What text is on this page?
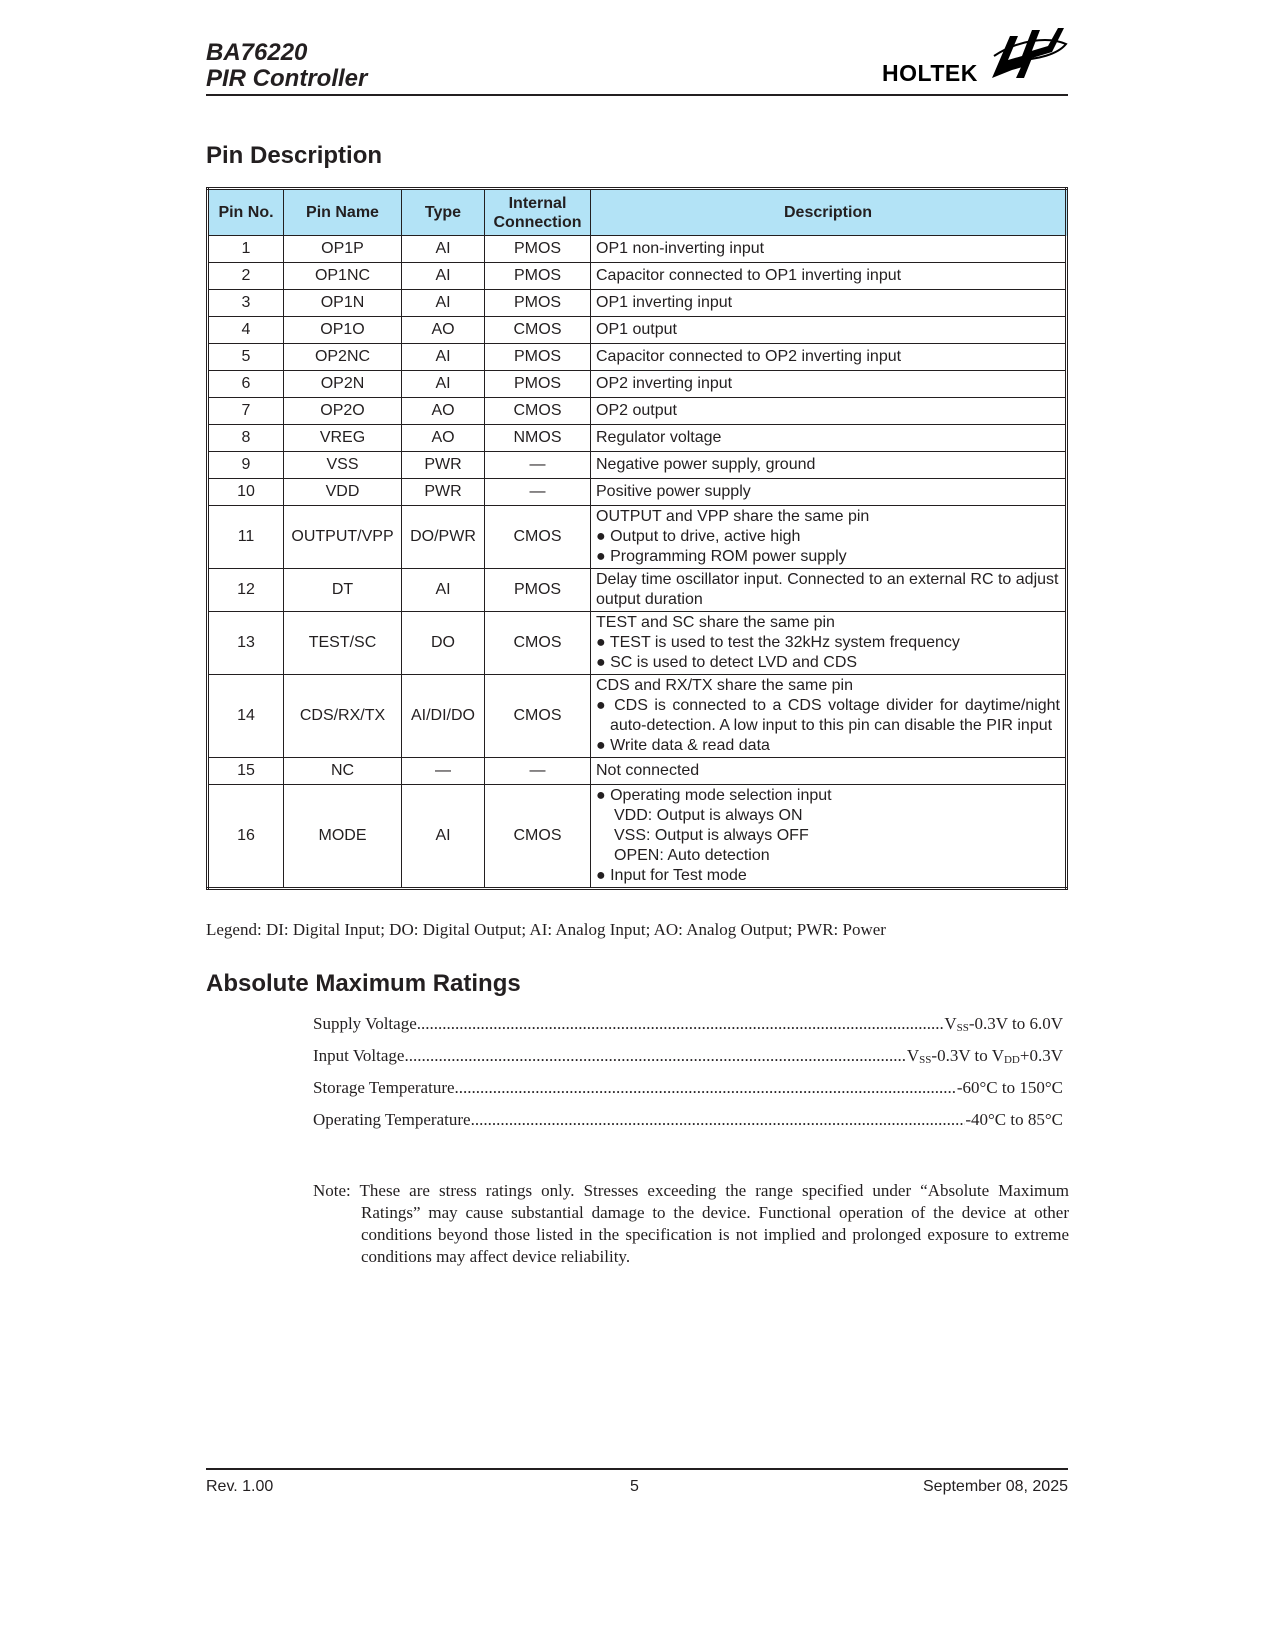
BA76220
PIR Controller	HOLTEK
Pin Description
Pin No.	Pin Name	Type	Internal Connection	Description
1	OP1P	AI	PMOS	OP1 non-inverting input

2	OP1NC	AI	PMOS	Capacitor connected to OP1 inverting input

3	OP1N	AI	PMOS	OP1 inverting input

4	OP1O	AO	CMOS	OP1 output

5	OP2NC	AI	PMOS	Capacitor connected to OP2 inverting input

6	OP2N	AI	PMOS	OP2 inverting input

7	OP2O	AO	CMOS	OP2 output

8	VREG	AO	NMOS	Regulator voltage

9	VSS	PWR	—	Negative power supply, ground

10	VDD	PWR	—	Positive power supply

11	OUTPUT/VPP	DO/PWR	CMOS	OUTPUT and VPP share the same pin
● Output to drive, active high
● Programming ROM power supply

12	DT	AI	PMOS	Delay time oscillator input. Connected to an external RC to adjust output duration

13	TEST/SC	DO	CMOS	TEST and SC share the same pin
● TEST is used to test the 32kHz system frequency
● SC is used to detect LVD and CDS

14	CDS/RX/TX	AI/DI/DO	CMOS	CDS and RX/TX share the same pin
● CDS is connected to a CDS voltage divider for daytime/night auto-detection. A low input to this pin can disable the PIR input
● Write data & read data

15	NC	—	—	Not connected

16	MODE	AI	CMOS	● Operating mode selection input
VDD: Output is always ON
VSS: Output is always OFF
OPEN: Auto detection
● Input for Test mode
Legend: DI: Digital Input; DO: Digital Output; AI: Analog Input; AO: Analog Output; PWR: Power
Absolute Maximum Ratings
Supply Voltage .....	$V_{SS}-0.3V$ to 6.0V
Input Voltage .....	$V_{SS}-0.3V$ to $V_{DD}+0.3V$
Storage Temperature .....	-60°C to 150°C
Operating Temperature .....	-40°C to 85°C
Note: These are stress ratings only. Stresses exceeding the range specified under “Absolute Maximum Ratings” may cause substantial damage to the device. Functional operation of the device at other conditions beyond those listed in the specification is not implied and prolonged exposure to extreme conditions may affect device reliability.
Rev. 1.00	5	September 08, 2025
